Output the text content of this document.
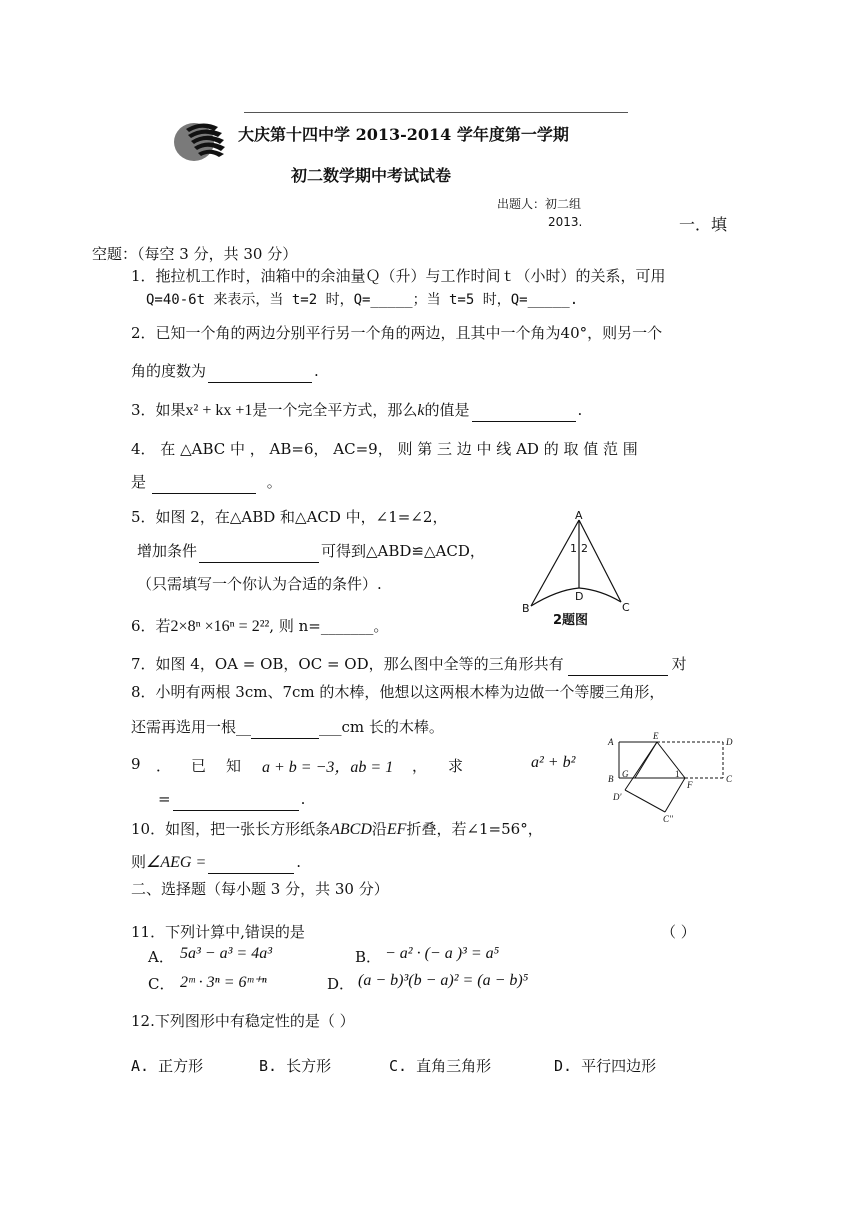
大庆第十四中学 2013-2014 学年度第一学期
初二数学期中考试试卷
出题人：初二组
2013.	一．填
空题：（每空 3 分，共 30 分）
1．拖拉机工作时，油箱中的余油量Ｑ（升）与工作时间ｔ（小时）的关系，可用
Q=40-6t 来表示，当 t=2 时，Q=_____；当 t=5 时，Q=_____.
2．已知一个角的两边分别平行另一个角的两边，且其中一个角为40°，则另一个
角的度数为	.
3．如果x² + kx +1是一个完全平方式，那么k的值是	.
4． 在 △ABC 中 ， AB=6， AC=9， 则 第 三 边 中 线 AD 的 取 值 范 围
是	。
5．如图 2，在△ABD 和△ACD 中，∠1=∠2，
增加条件	可得到△ABD≌△ACD，
（只需填写一个你认为合适的条件）.
A
B	C
D
1 2
2题图
6．若2×8ⁿ ×16ⁿ = 2²², 则 n=_______。
7．如图 4，OA = OB，OC = OD，那么图中全等的三角形共有	对
8．小明有两根 3cm、7cm 的木棒，他想以这两根木棒为边做一个等腰三角形，
还需再选用一根__	___cm 长的木棒。
9 ． 已 知 a + b = −3，ab = 1 ， 求	a² + b²
=	.
A
E
D
B G	1	C
D'
F
C''
10．如图，把一张长方形纸条ABCD沿EF折叠，若∠1=56°，
则∠AEG =	.
二、选择题（每小题 3 分，共 30 分）
11．下列计算中,错误的是	（ ）
A． 5a³ − a³ = 4a³	B． − a² · (− a )³ = a⁵
C． 2ᵐ · 3ⁿ = 6ᵐ⁺ⁿ	D． (a − b)³(b − a)² = (a − b)⁵
12.下列图形中有稳定性的是（ ）
A. 正方形	B. 长方形	C. 直角三角形	D. 平行四边形
